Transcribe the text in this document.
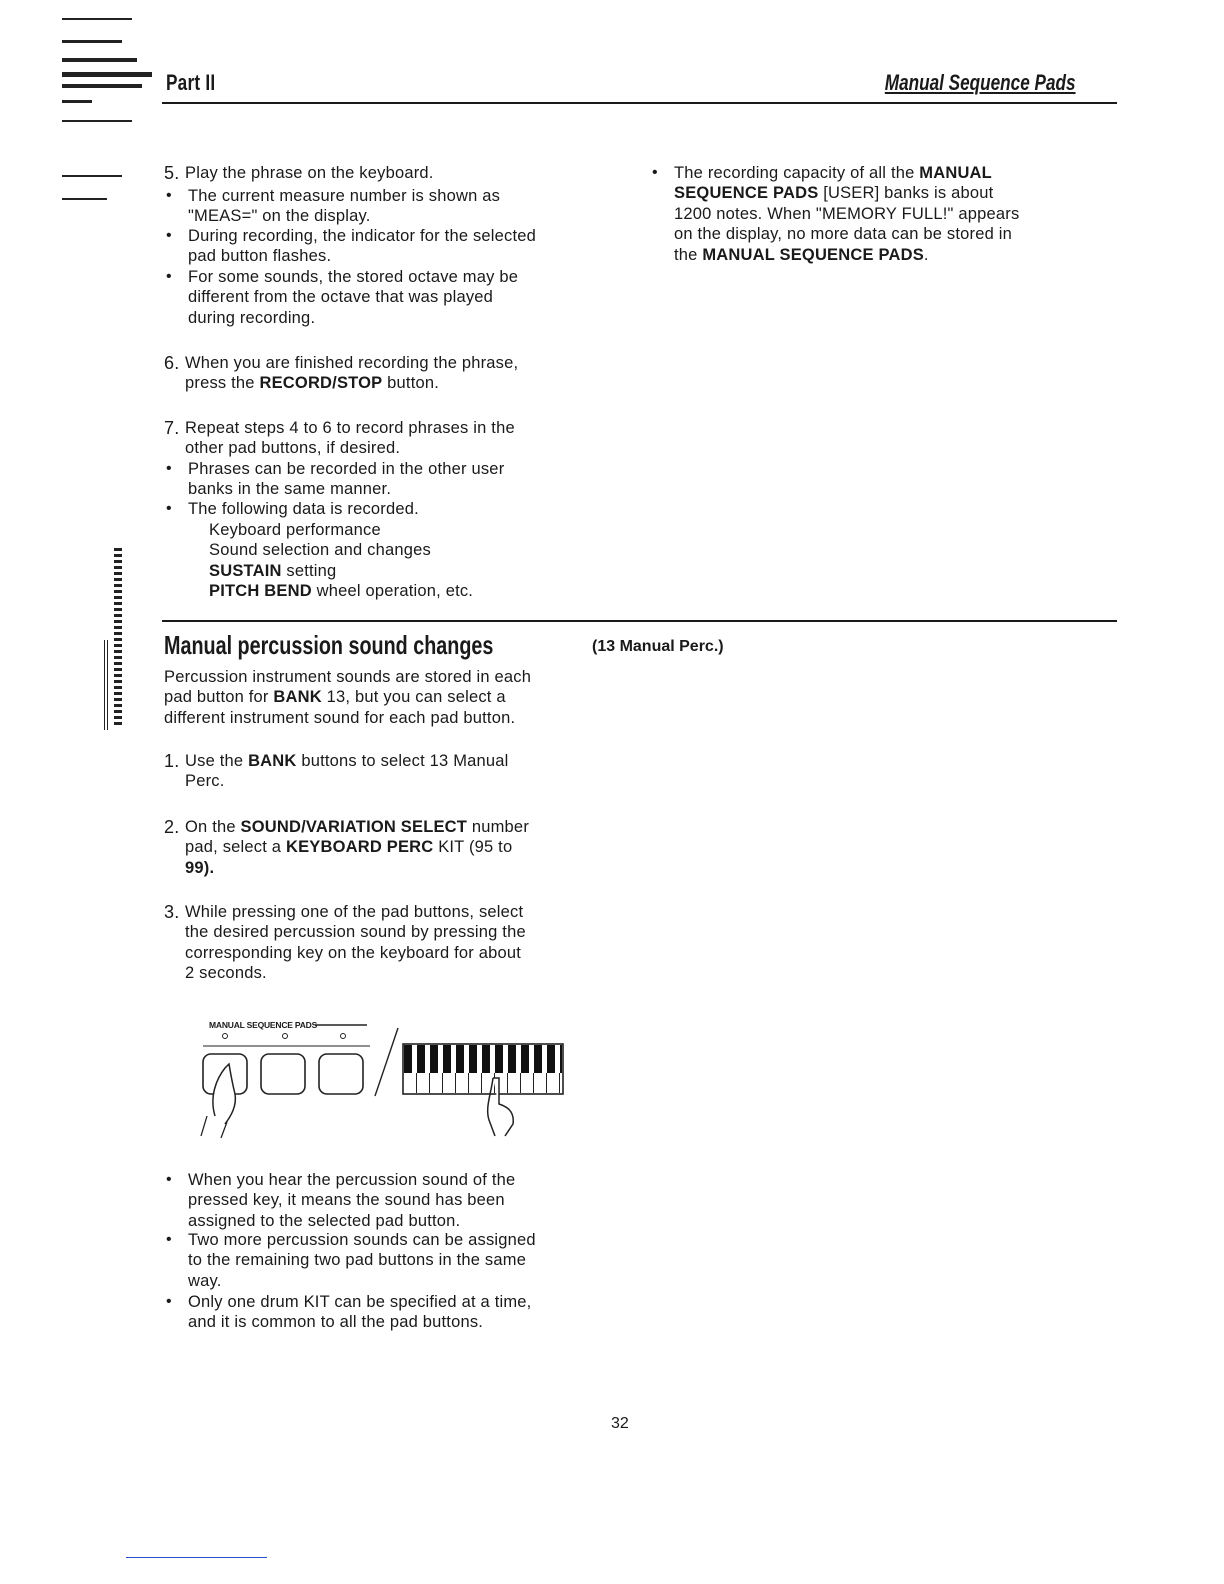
Part II	Manual Sequence Pads
5. Play the phrase on the keyboard.
• The current measure number is shown as
"MEAS=" on the display.
• During recording, the indicator for the selected
pad button flashes.
• For some sounds, the stored octave may be
different from the octave that was played
during recording.
6. When you are finished recording the phrase,
press the RECORD/STOP button.
7. Repeat steps 4 to 6 to record phrases in the
other pad buttons, if desired.
• Phrases can be recorded in the other user
banks in the same manner.
• The following data is recorded.
Keyboard performance
Sound selection and changes
SUSTAIN setting
PITCH BEND wheel operation, etc.
• The recording capacity of all the MANUAL
SEQUENCE PADS [USER] banks is about
1200 notes. When "MEMORY FULL!" appears
on the display, no more data can be stored in
the MANUAL SEQUENCE PADS.
Manual percussion sound changes	(13 Manual Perc.)
Percussion instrument sounds are stored in each
pad button for BANK 13, but you can select a
different instrument sound for each pad button.
1. Use the BANK buttons to select 13 Manual
Perc.
2. On the SOUND/VARIATION SELECT number
pad, select a KEYBOARD PERC KIT (95 to
99).
3. While pressing one of the pad buttons, select
the desired percussion sound by pressing the
corresponding key on the keyboard for about
2 seconds.
MANUAL SEQUENCE PADS
• When you hear the percussion sound of the
pressed key, it means the sound has been
assigned to the selected pad button.
• Two more percussion sounds can be assigned
to the remaining two pad buttons in the same
way.
• Only one drum KIT can be specified at a time,
and it is common to all the pad buttons.
32
